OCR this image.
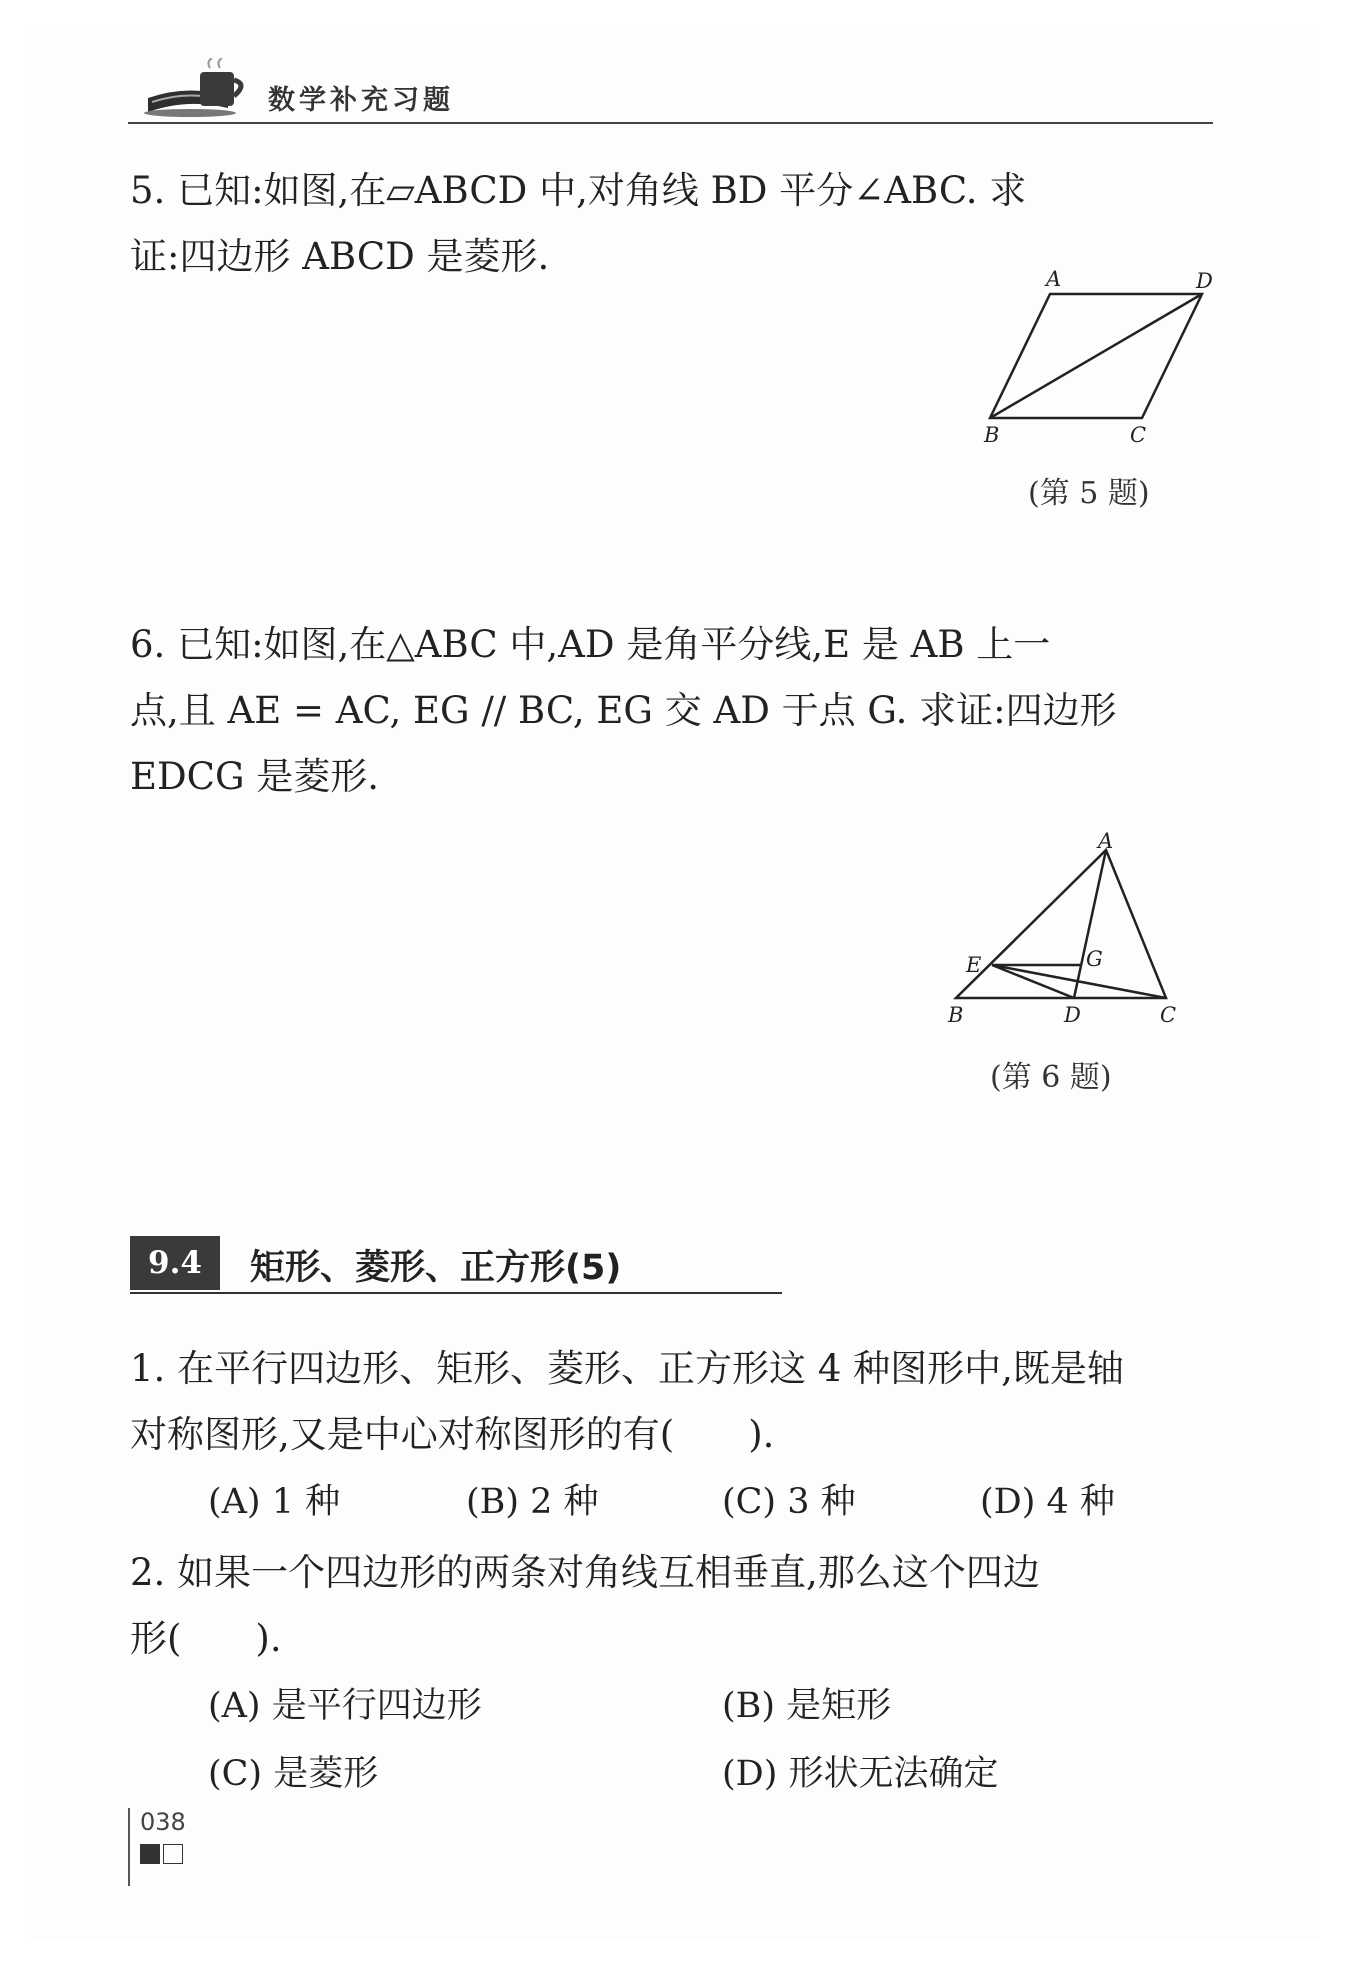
数学补充习题
5. 已知:如图,在▱ABCD 中,对角线 BD 平分∠ABC. 求
证:四边形 ABCD 是菱形.
A	D
B	C
(第 5 题)
6. 已知:如图,在△ABC 中,AD 是角平分线,E 是 AB 上一
点,且 AE = AC, EG // BC, EG 交 AD 于点 G. 求证:四边形
EDCG 是菱形.
A
E	G
B	D	C
(第 6 题)
9.4	矩形、菱形、正方形(5)
1. 在平行四边形、矩形、菱形、正方形这 4 种图形中,既是轴
对称图形,又是中心对称图形的有(　　).
(A) 1 种	(B) 2 种	(C) 3 种	(D) 4 种
2. 如果一个四边形的两条对角线互相垂直,那么这个四边
形(　　).
(A) 是平行四边形	(B) 是矩形
(C) 是菱形	(D) 形状无法确定
038
